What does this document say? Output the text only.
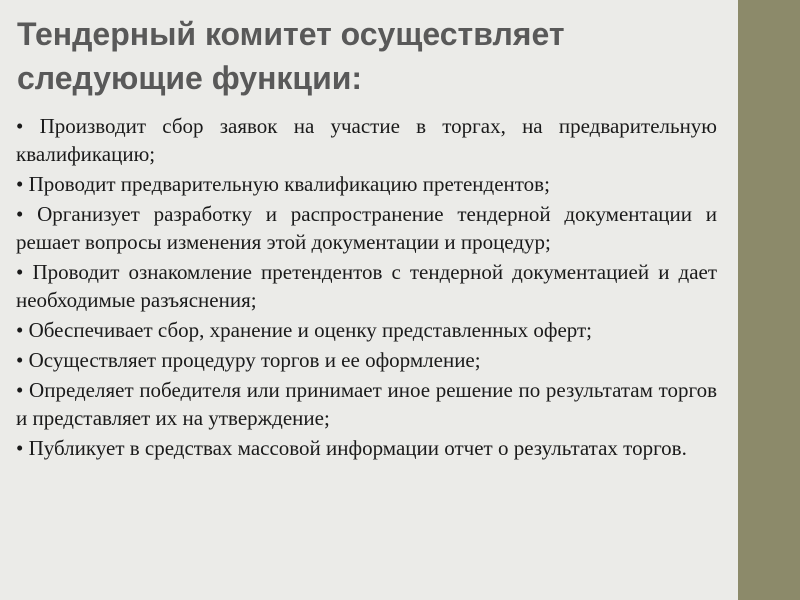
Тендерный комитет осуществляет следующие функции:
• Производит сбор заявок на участие в торгах, на предварительную квалификацию;
• Проводит предварительную квалификацию претендентов;
• Организует разработку и распространение тендерной документации и решает вопросы изменения этой документации и процедур;
• Проводит ознакомление претендентов с тендерной документацией и дает необходимые разъяснения;
• Обеспечивает сбор, хранение и оценку представленных оферт;
• Осуществляет процедуру торгов и ее оформление;
• Определяет победителя или принимает иное решение по результатам торгов и представляет их на утверждение;
• Публикует в средствах массовой информации отчет о результатах торгов.
